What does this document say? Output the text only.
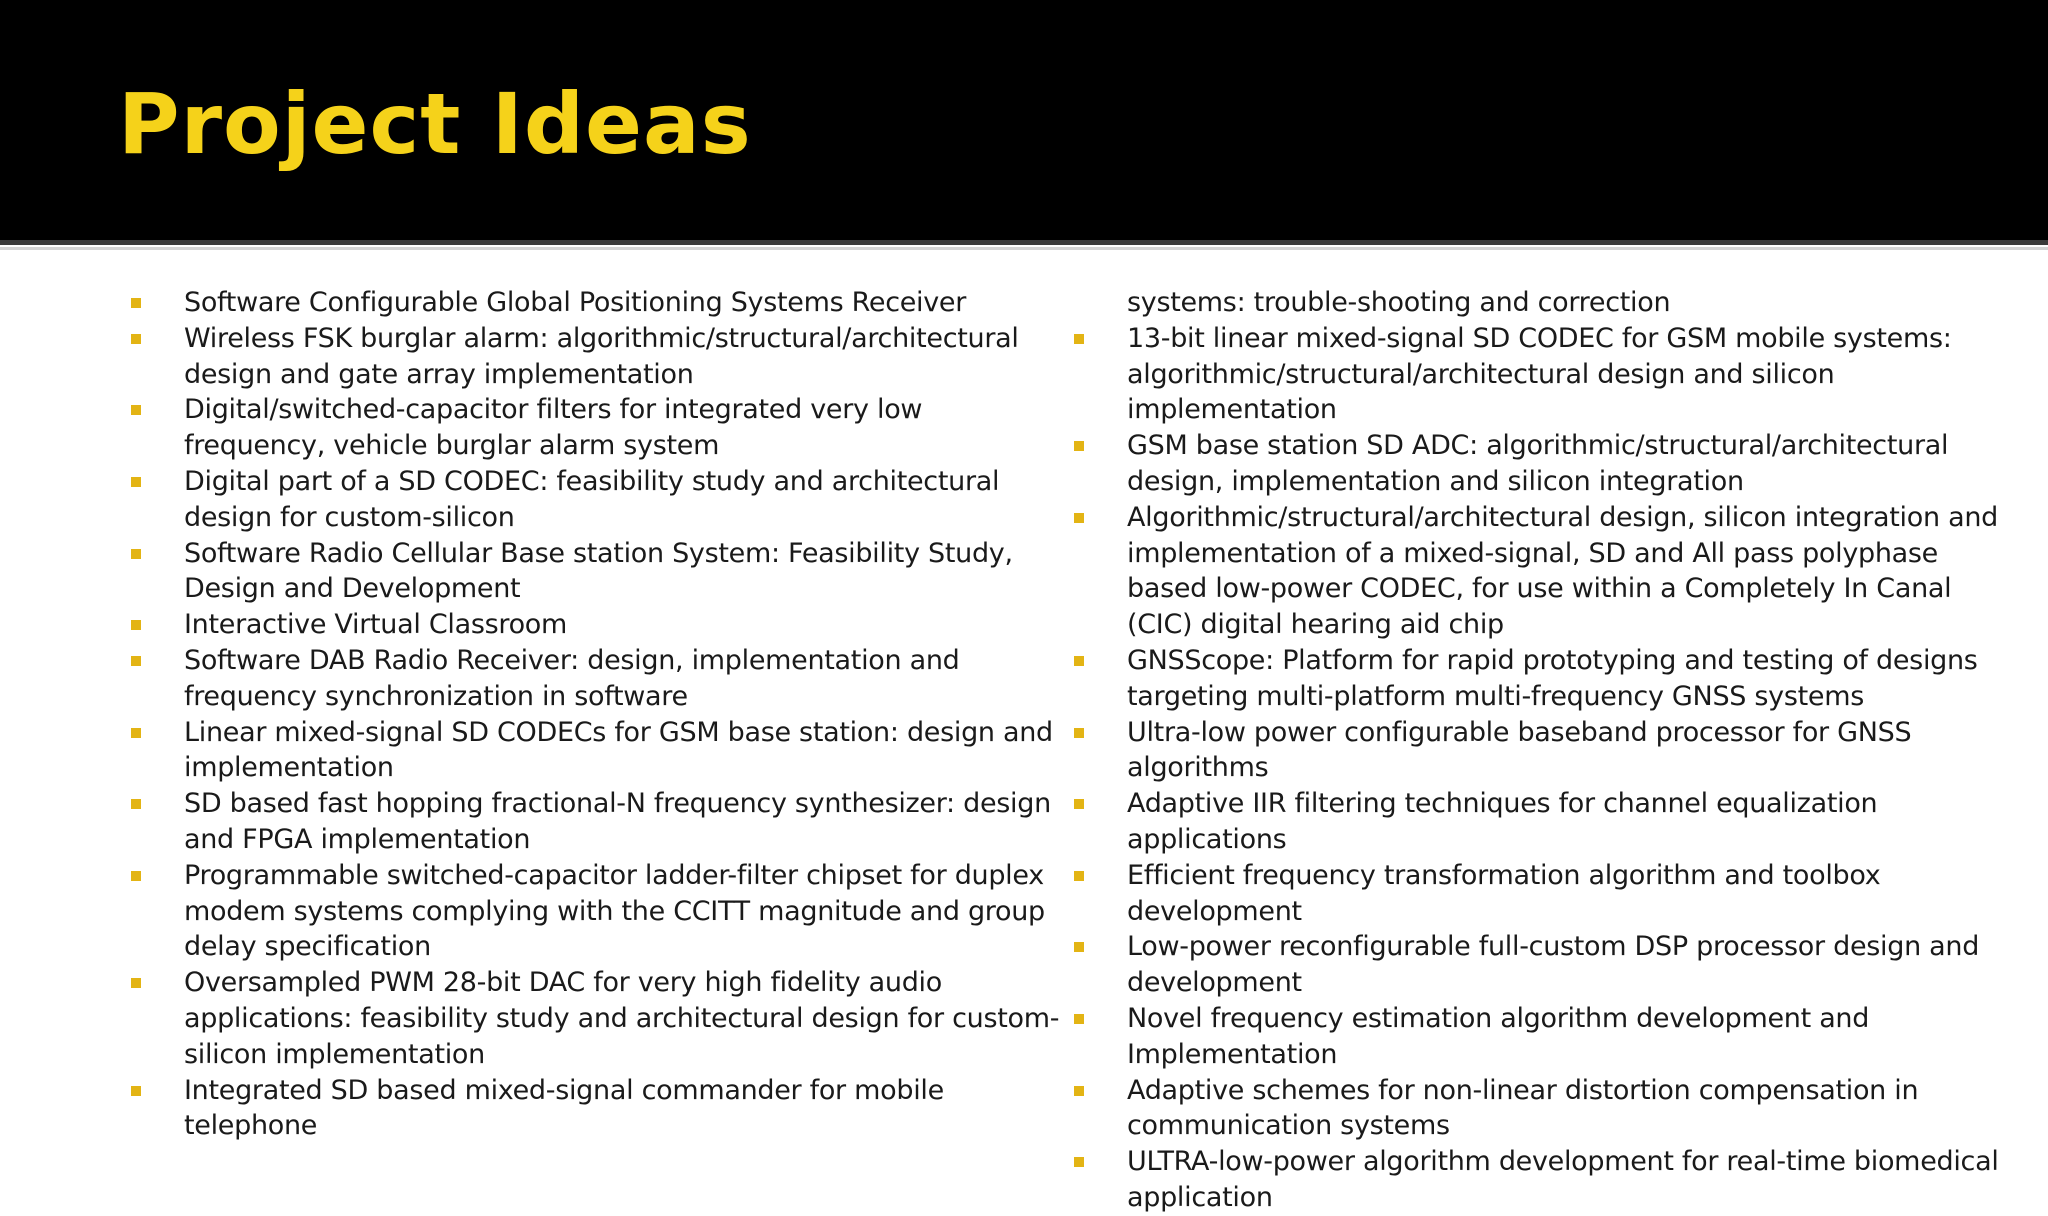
Project Ideas
Software Configurable Global Positioning Systems Receiver
Wireless FSK burglar alarm: algorithmic/structural/architectural design and gate array implementation
Digital/switched-capacitor filters for integrated very low frequency, vehicle burglar alarm system
Digital part of a SD CODEC: feasibility study and architectural design for custom-silicon
Software Radio Cellular Base station System: Feasibility Study, Design and Development
Interactive Virtual Classroom
Software DAB Radio Receiver: design, implementation and frequency synchronization in software
Linear mixed-signal SD CODECs for GSM base station: design and implementation
SD based fast hopping fractional-N frequency synthesizer: design and FPGA implementation
Programmable switched-capacitor ladder-filter chipset for duplex modem systems complying with the CCITT magnitude and group delay specification
Oversampled PWM 28-bit DAC for very high fidelity audio applications: feasibility study and architectural design for custom-silicon implementation
Integrated SD based mixed-signal commander for mobile telephone
systems: trouble-shooting and correction
13-bit linear mixed-signal SD CODEC for GSM mobile systems: algorithmic/structural/architectural design and silicon implementation
GSM base station SD ADC: algorithmic/structural/architectural design, implementation and silicon integration
Algorithmic/structural/architectural design, silicon integration and implementation of a mixed-signal, SD and All pass polyphase based low-power CODEC, for use within a Completely In Canal (CIC) digital hearing aid chip
GNSScope: Platform for rapid prototyping and testing of designs targeting multi-platform multi-frequency GNSS systems
Ultra-low power configurable baseband processor for GNSS algorithms
Adaptive IIR filtering techniques for channel equalization applications
Efficient frequency transformation algorithm and toolbox development
Low-power reconfigurable full-custom DSP processor design and development
Novel frequency estimation algorithm development and Implementation
Adaptive schemes for non-linear distortion compensation in communication systems
ULTRA-low-power algorithm development for real-time biomedical application
